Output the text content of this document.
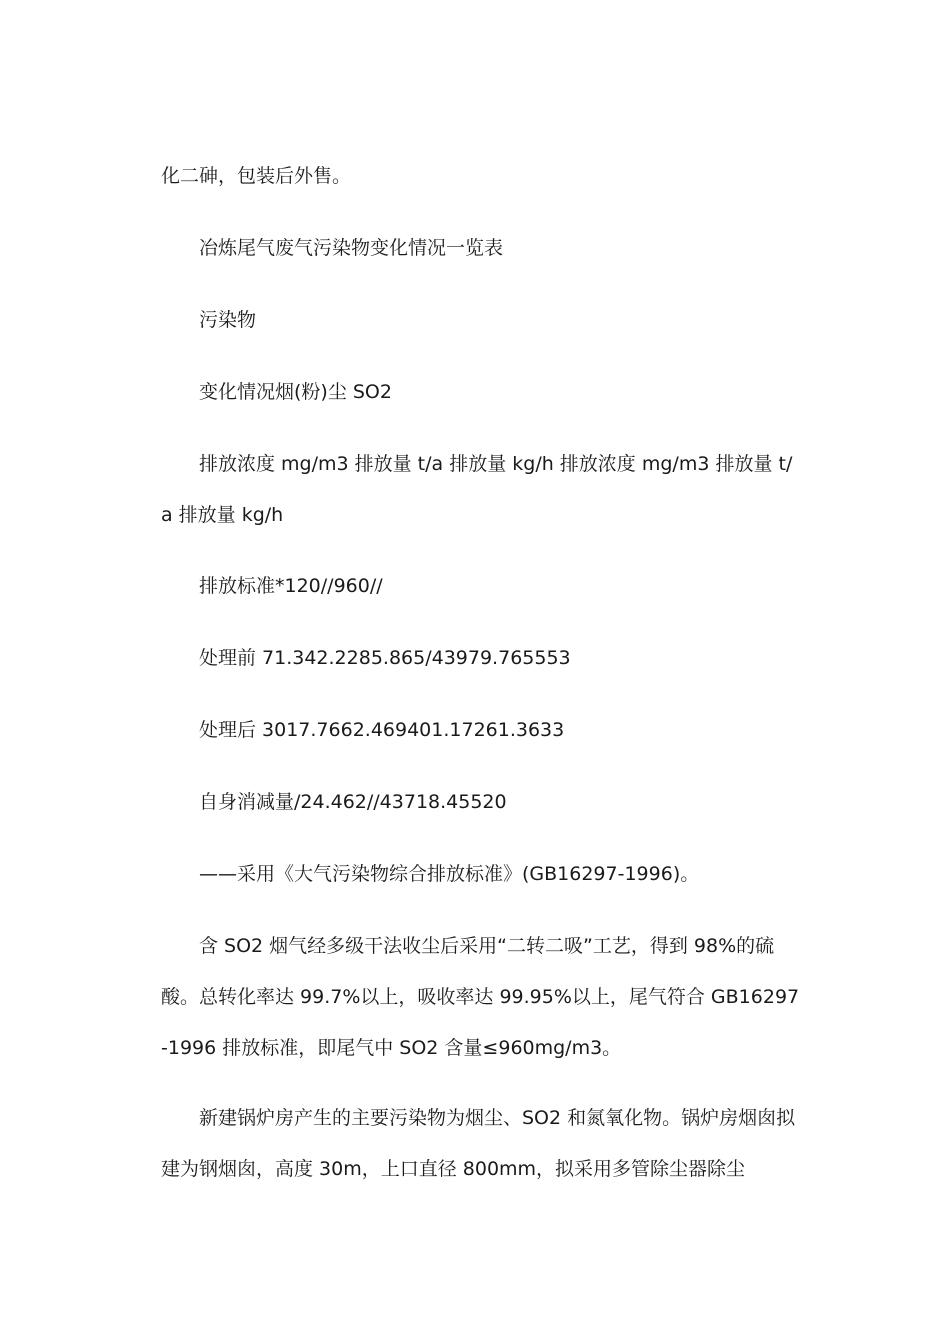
化二砷，包装后外售。
冶炼尾气废气污染物变化情况一览表
污染物
变化情况烟(粉)尘 SO2
排放浓度 mg/m3 排放量 t/a 排放量 kg/h 排放浓度 mg/m3 排放量 t/a 排放量 kg/h
排放标准*120//960//
处理前 71.342.2285.865/43979.765553
处理后 3017.7662.469401.17261.3633
自身消减量/24.462//43718.45520
——采用《大气污染物综合排放标准》(GB16297-1996)。
含 SO2 烟气经多级干法收尘后采用“二转二吸”工艺，得到 98%的硫酸。总转化率达 99.7%以上，吸收率达 99.95%以上，尾气符合 GB16297-1996 排放标准，即尾气中 SO2 含量≤960mg/m3。
新建锅炉房产生的主要污染物为烟尘、SO2 和氮氧化物。锅炉房烟囱拟建为钢烟囱，高度 30m，上口直径 800mm，拟采用多管除尘器除尘
